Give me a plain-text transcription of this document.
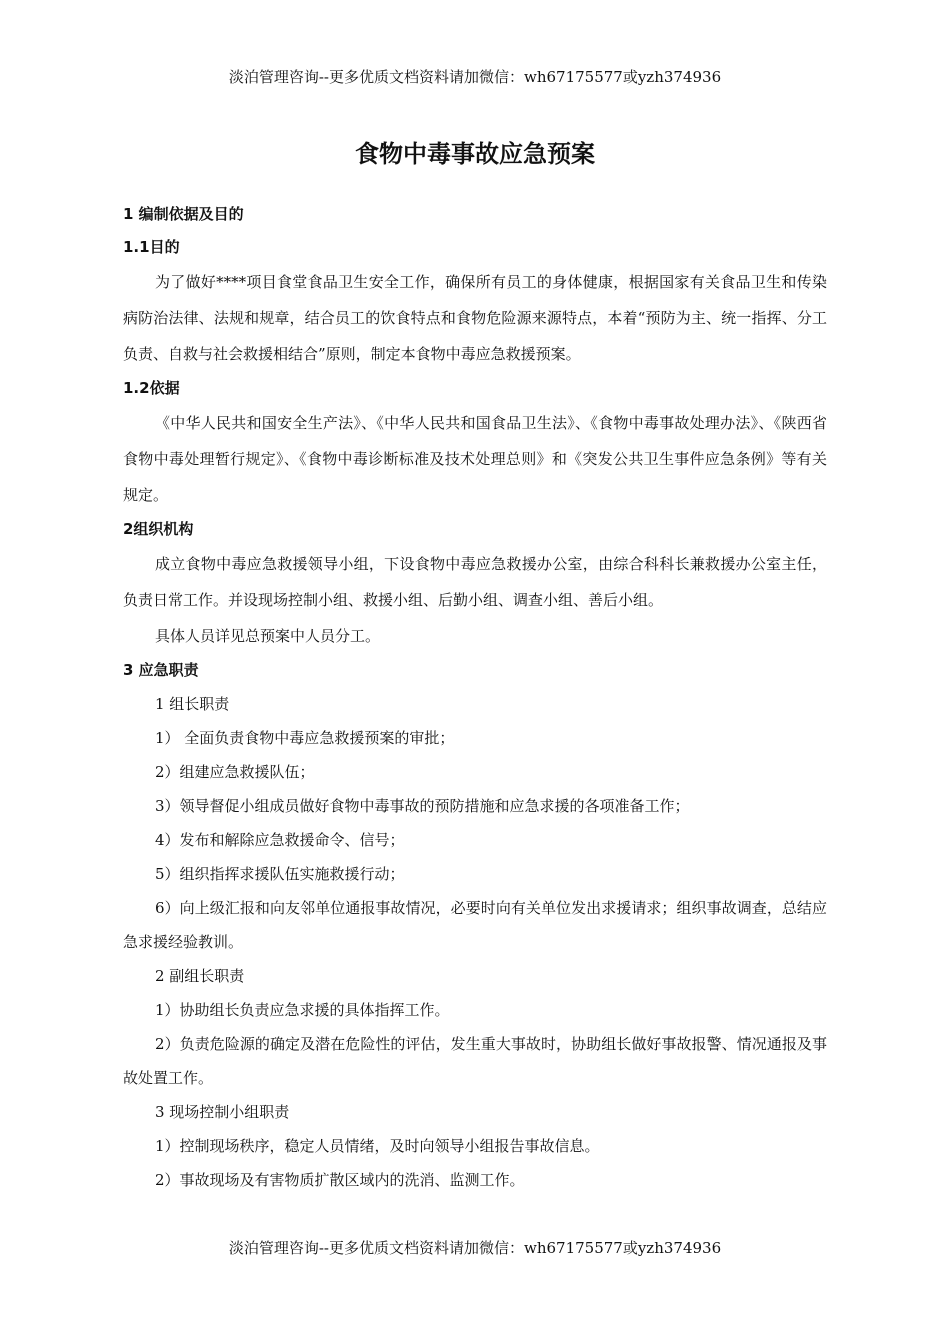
淡泊管理咨询--更多优质文档资料请加微信：wh67175577或yzh374936
食物中毒事故应急预案

1 编制依据及目的

1.1目的

为了做好****项目食堂食品卫生安全工作，确保所有员工的身体健康，根据国家有关食品卫生和传染病防治法律、法规和规章，结合员工的饮食特点和食物危险源来源特点，本着“预防为主、统一指挥、分工负责、自救与社会救援相结合”原则，制定本食物中毒应急救援预案。

1.2依据

《中华人民共和国安全生产法》、《中华人民共和国食品卫生法》、《食物中毒事故处理办法》、《陕西省食物中毒处理暂行规定》、《食物中毒诊断标准及技术处理总则》和《突发公共卫生事件应急条例》等有关规定。

2组织机构

成立食物中毒应急救援领导小组，下设食物中毒应急救援办公室，由综合科科长兼救援办公室主任，负责日常工作。并设现场控制小组、救援小组、后勤小组、调查小组、善后小组。

具体人员详见总预案中人员分工。

3 应急职责

1 组长职责

1） 全面负责食物中毒应急救援预案的审批；

2）组建应急救援队伍；

3）领导督促小组成员做好食物中毒事故的预防措施和应急求援的各项准备工作；

4）发布和解除应急救援命令、信号；

5）组织指挥求援队伍实施救援行动；

6）向上级汇报和向友邻单位通报事故情况，必要时向有关单位发出求援请求；组织事故调查，总结应急求援经验教训。

2 副组长职责

1）协助组长负责应急求援的具体指挥工作。

2）负责危险源的确定及潜在危险性的评估，发生重大事故时，协助组长做好事故报警、情况通报及事故处置工作。

3 现场控制小组职责

1）控制现场秩序，稳定人员情绪，及时向领导小组报告事故信息。

2）事故现场及有害物质扩散区域内的洗消、监测工作。

淡泊管理咨询--更多优质文档资料请加微信：wh67175577或yzh374936
